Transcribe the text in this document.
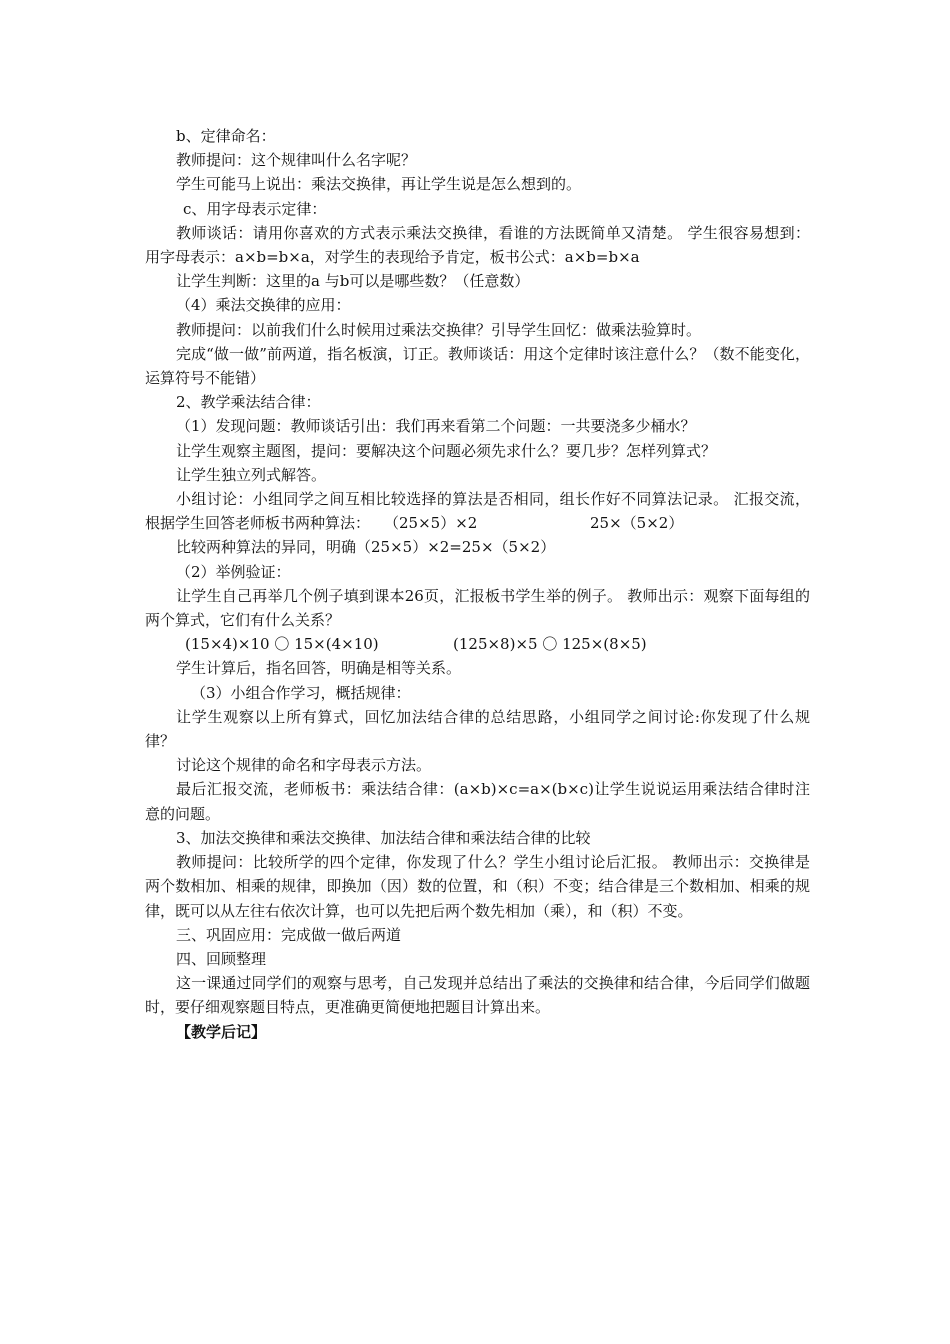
b、定律命名：

教师提问：这个规律叫什么名字呢？

学生可能马上说出：乘法交换律，再让学生说是怎么想到的。

c、用字母表示定律：

教师谈话：请用你喜欢的方式表示乘法交换律，看谁的方法既简单又清楚。 学生很容易想到：用字母表示：a×b=b×a，对学生的表现给予肯定，板书公式：a×b=b×a

让学生判断：这里的a 与b可以是哪些数？（任意数）

（4）乘法交换律的应用：

教师提问：以前我们什么时候用过乘法交换律？引导学生回忆：做乘法验算时。

完成“做一做”前两道，指名板演，订正。教师谈话：用这个定律时该注意什么？（数不能变化，运算符号不能错）

2、教学乘法结合律：

（1）发现问题：教师谈话引出：我们再来看第二个问题：一共要浇多少桶水？

让学生观察主题图，提问：要解决这个问题必须先求什么？要几步？怎样列算式？

让学生独立列式解答。

小组讨论：小组同学之间互相比较选择的算法是否相同，组长作好不同算法记录。 汇报交流，根据学生回答老师板书两种算法： （25×5）×2	25×（5×2）

比较两种算法的异同，明确（25×5）×2=25×（5×2）

（2）举例验证：

让学生自己再举几个例子填到课本26页，汇报板书学生举的例子。 教师出示：观察下面每组的两个算式，它们有什么关系？

(15×4)×10 〇 15×(4×10)	(125×8)×5 〇 125×(8×5)

学生计算后，指名回答，明确是相等关系。

（3）小组合作学习，概括规律：

让学生观察以上所有算式，回忆加法结合律的总结思路，小组同学之间讨论:你发现了什么规律？

讨论这个规律的命名和字母表示方法。

最后汇报交流，老师板书：乘法结合律：(a×b)×c=a×(b×c)让学生说说运用乘法结合律时注意的问题。

3、加法交换律和乘法交换律、加法结合律和乘法结合律的比较

教师提问：比较所学的四个定律，你发现了什么？学生小组讨论后汇报。 教师出示：交换律是两个数相加、相乘的规律，即换加（因）数的位置，和（积）不变；结合律是三个数相加、相乘的规律，既可以从左往右依次计算，也可以先把后两个数先相加（乘），和（积）不变。

三、巩固应用：完成做一做后两道

四、回顾整理

这一课通过同学们的观察与思考，自己发现并总结出了乘法的交换律和结合律，今后同学们做题时，要仔细观察题目特点，更准确更简便地把题目计算出来。

【教学后记】
